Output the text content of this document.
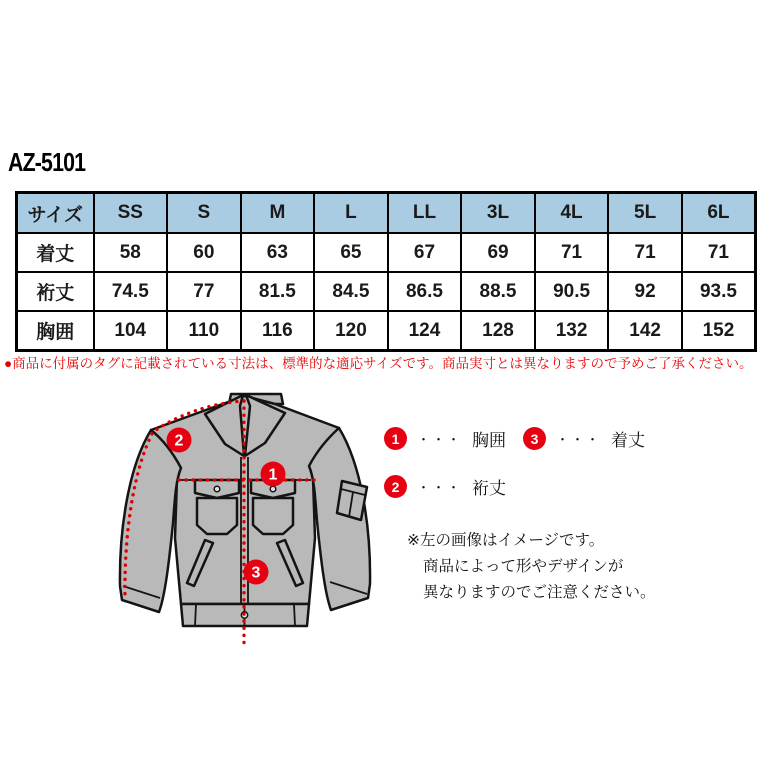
AZ-5101
サイズ	SS	S	M	L	LL	3L	4L	5L	6L
着丈	58	60	63	65	67	69	71	71	71
裄丈	74.5	77	81.5	84.5	86.5	88.5	90.5	92	93.5
胸囲	104	110	116	120	124	128	132	142	152
●商品に付属のタグに記載されている寸法は、標準的な適応サイズです。商品実寸とは異なりますので予めご了承ください。
2
1
3
1	・・・ 胸囲	3	・・・ 着丈
2	・・・ 裄丈
※左の画像はイメージです。
商品によって形やデザインが
異なりますのでご注意ください。
